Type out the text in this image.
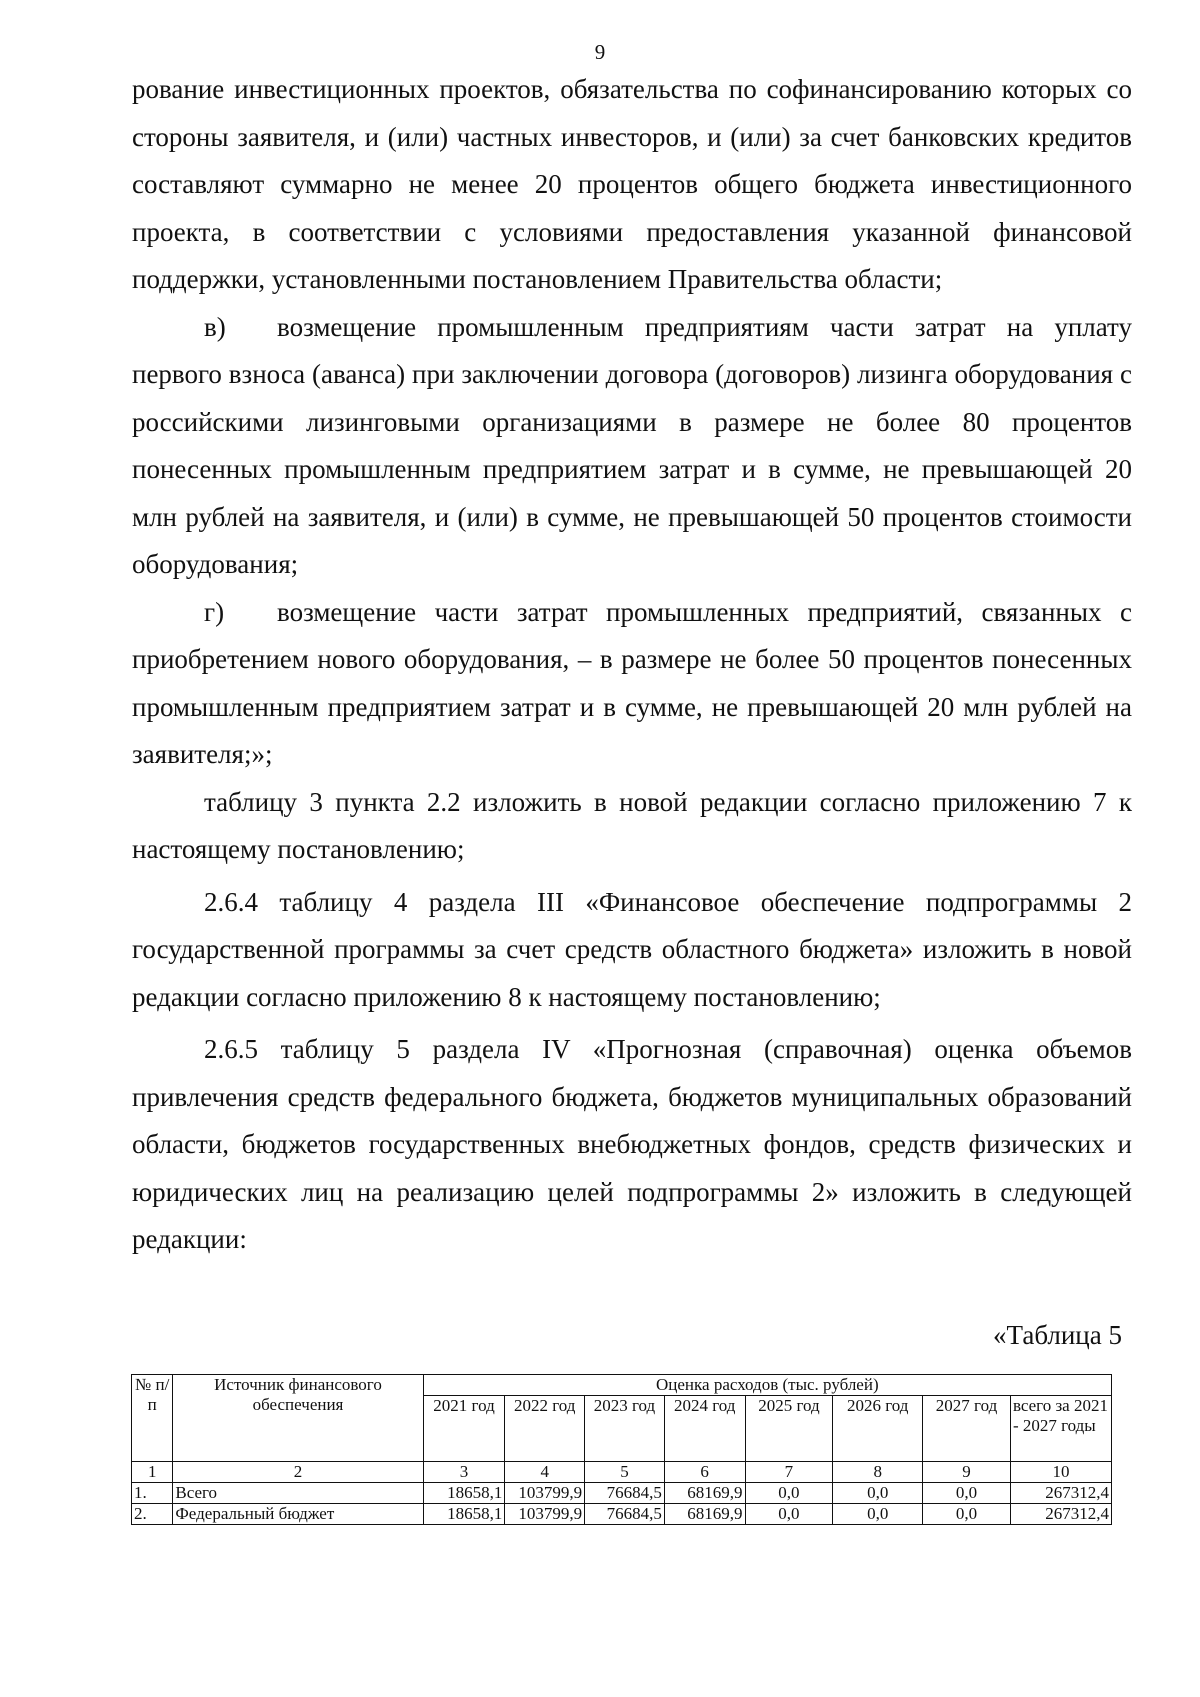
9

рование инвестиционных проектов, обязательства по софинансированию которых со стороны заявителя, и (или) частных инвесторов, и (или) за счет банковских кредитов составляют суммарно не менее 20 процентов общего бюджета инвестиционного проекта, в соответствии с условиями предоставления указанной финансовой поддержки, установленными постановлением Правительства области;

в) возмещение промышленным предприятиям части затрат на уплату первого взноса (аванса) при заключении договора (договоров) лизинга оборудования с российскими лизинговыми организациями в размере не более 80 процентов понесенных промышленным предприятием затрат и в сумме, не превышающей 20 млн рублей на заявителя, и (или) в сумме, не превышающей 50 процентов стоимости оборудования;

г) возмещение части затрат промышленных предприятий, связанных с приобретением нового оборудования, – в размере не более 50 процентов понесенных промышленным предприятием затрат и в сумме, не превышающей 20 млн рублей на заявителя;»;

таблицу 3 пункта 2.2 изложить в новой редакции согласно приложению 7 к настоящему постановлению;

2.6.4 таблицу 4 раздела III «Финансовое обеспечение подпрограммы 2 государственной программы за счет средств областного бюджета» изложить в новой редакции согласно приложению 8 к настоящему постановлению;

2.6.5 таблицу 5 раздела IV «Прогнозная (справочная) оценка объемов привлечения средств федерального бюджета, бюджетов муниципальных образований области, бюджетов государственных внебюджетных фондов, средств физических и юридических лиц на реализацию целей подпрограммы 2» изложить в следующей редакции:

«Таблица 5
№ п/п	Источник финансового обеспечения	Оценка расходов (тыс. рублей)							
		2021 год	2022 год	2023 год	2024 год	2025 год	2026 год	2027 год	всего за 2021 - 2027 годы
1	2	3	4	5	6	7	8	9	10
1.	Всего	18658,1	103799,9	76684,5	68169,9	0,0	0,0	0,0	267312,4
2.	Федеральный бюджет	18658,1	103799,9	76684,5	68169,9	0,0	0,0	0,0	267312,4
